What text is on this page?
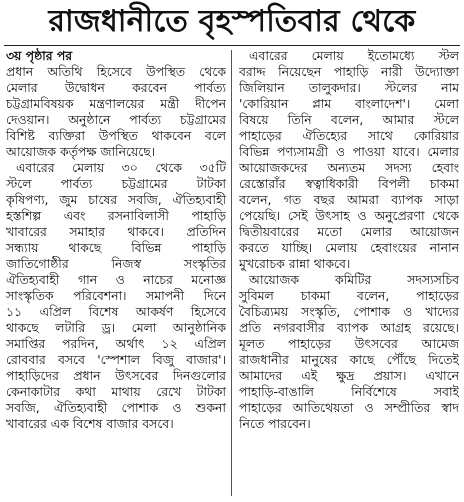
রাজধানীতে বৃহস্পতিবার থেকে
৩য় পৃষ্ঠার পর
প্রধান অতিথি হিসেবে উপস্থিত থেকে
মেলার উদ্বোধন করবেন পার্বত্য
চট্টগ্রামবিষয়ক মন্ত্রণালয়ের মন্ত্রী দীপেন
দেওয়ান। অনুষ্ঠানে পার্বত্য চট্টগ্রামের
বিশিষ্ট ব্যক্তিরা উপস্থিত থাকবেন বলে
আয়োজক কর্তৃপক্ষ জানিয়েছে।
এবারের মেলায় ৩০ থেকে ৩৫টি
স্টলে পার্বত্য চট্টগ্রামের টাটকা
কৃষিপণ্য, জুম চাষের সবজি, ঐতিহ্যবাহী
হস্তশিল্প এবং রসনাবিলাসী পাহাড়ি
খাবারের সমাহার থাকবে। প্রতিদিন
সন্ধ্যায় থাকছে বিভিন্ন পাহাড়ি
জাতিগোষ্ঠীর নিজস্ব সংস্কৃতির
ঐতিহ্যবাহী গান ও নাচের মনোজ্ঞ
সাংস্কৃতিক পরিবেশনা। সমাপনী দিনে
১১ এপ্রিল বিশেষ আকর্ষণ হিসেবে
থাকছে লটারি ড্র। মেলা আনুষ্ঠানিক
সমাপ্তির পরদিন, অর্থাৎ ১২ এপ্রিল
রোববার বসবে 'স্পেশাল বিজু বাজার'।
পাহাড়িদের প্রধান উৎসবের দিনগুলোর
কেনাকাটার কথা মাথায় রেখে টাটকা
সবজি, ঐতিহ্যবাহী পোশাক ও শুকনা
খাবারের এক বিশেষ বাজার বসবে।
এবারের মেলায় ইতোমধ্যে স্টল
বরাদ্দ নিয়েছেন পাহাড়ি নারী উদ্যোক্তা
জিলিয়ান তালুকদার। স্টলের নাম
'কোরিয়ান প্লাম বাংলাদেশ'। মেলা
বিষয়ে তিনি বলেন, আমার স্টলে
পাহাড়ের ঐতিহ্যের সাথে কোরিয়ার
বিভিন্ন পণ্যসামগ্রী ও পাওয়া যাবে। মেলার
আয়োজকদের অন্যতম সদস্য হেবাং
রেস্তোরাঁর স্বত্বাধিকারী বিপলী চাকমা
বলেন, গত বছর আমরা ব্যাপক সাড়া
পেয়েছি। সেই উৎসাহ ও অনুপ্রেরণা থেকে
দ্বিতীয়বারের মতো মেলার আয়োজন
করতে যাচ্ছি। মেলায় হেবাংয়ের নানান
মুখরোচক রান্না থাকবে।
আয়োজক কমিটির সদস্যসচিব
সুবিমল চাকমা বলেন, পাহাড়ের
বৈচিত্র্যময় সংস্কৃতি, পোশাক ও খাদ্যের
প্রতি নগরবাসীর ব্যাপক আগ্রহ রয়েছে।
মূলত পাহাড়ের উৎসবের আমেজ
রাজধানীর মানুষের কাছে পৌঁছে দিতেই
আমাদের এই ক্ষুদ্র প্রয়াস। এখানে
পাহাড়ি-বাঙালি নির্বিশেষে সবাই
পাহাড়ের আতিথেয়তা ও সম্প্রীতির স্বাদ
নিতে পারবেন।
